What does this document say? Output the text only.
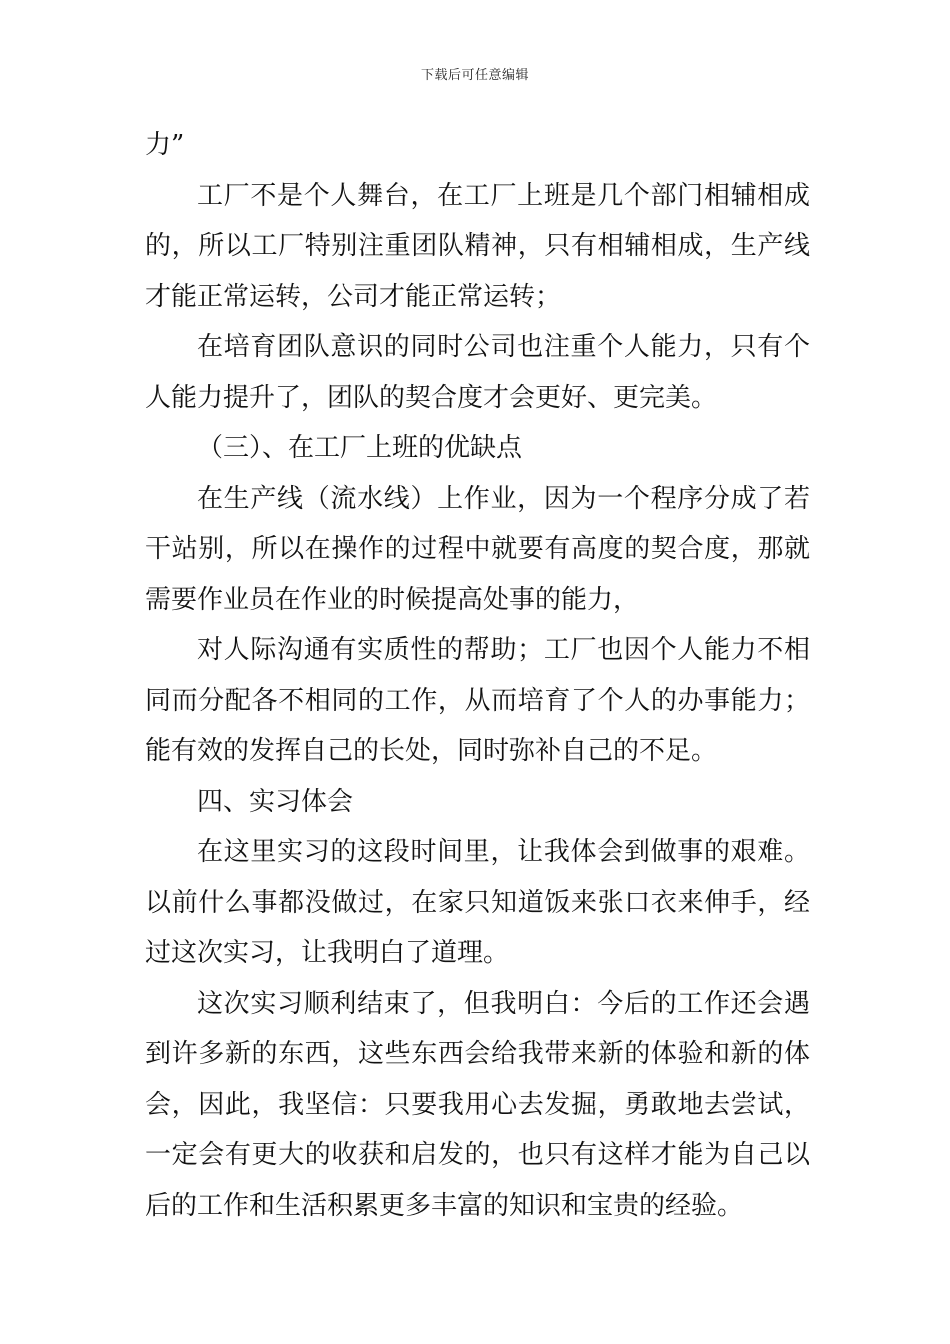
下载后可任意编辑

力”

工厂不是个人舞台，在工厂上班是几个部门相辅相成的，所以工厂特别注重团队精神，只有相辅相成，生产线才能正常运转，公司才能正常运转；

在培育团队意识的同时公司也注重个人能力，只有个人能力提升了，团队的契合度才会更好、更完美。

（三）、在工厂上班的优缺点

在生产线（流水线）上作业，因为一个程序分成了若干站别，所以在操作的过程中就要有高度的契合度，那就需要作业员在作业的时候提高处事的能力，

对人际沟通有实质性的帮助；工厂也因个人能力不相同而分配各不相同的工作，从而培育了个人的办事能力；能有效的发挥自己的长处，同时弥补自己的不足。

四、实习体会

在这里实习的这段时间里，让我体会到做事的艰难。以前什么事都没做过，在家只知道饭来张口衣来伸手，经过这次实习，让我明白了道理。

这次实习顺利结束了，但我明白：今后的工作还会遇到许多新的东西，这些东西会给我带来新的体验和新的体会，因此，我坚信：只要我用心去发掘，勇敢地去尝试，一定会有更大的收获和启发的，也只有这样才能为自己以后的工作和生活积累更多丰富的知识和宝贵的经验。
